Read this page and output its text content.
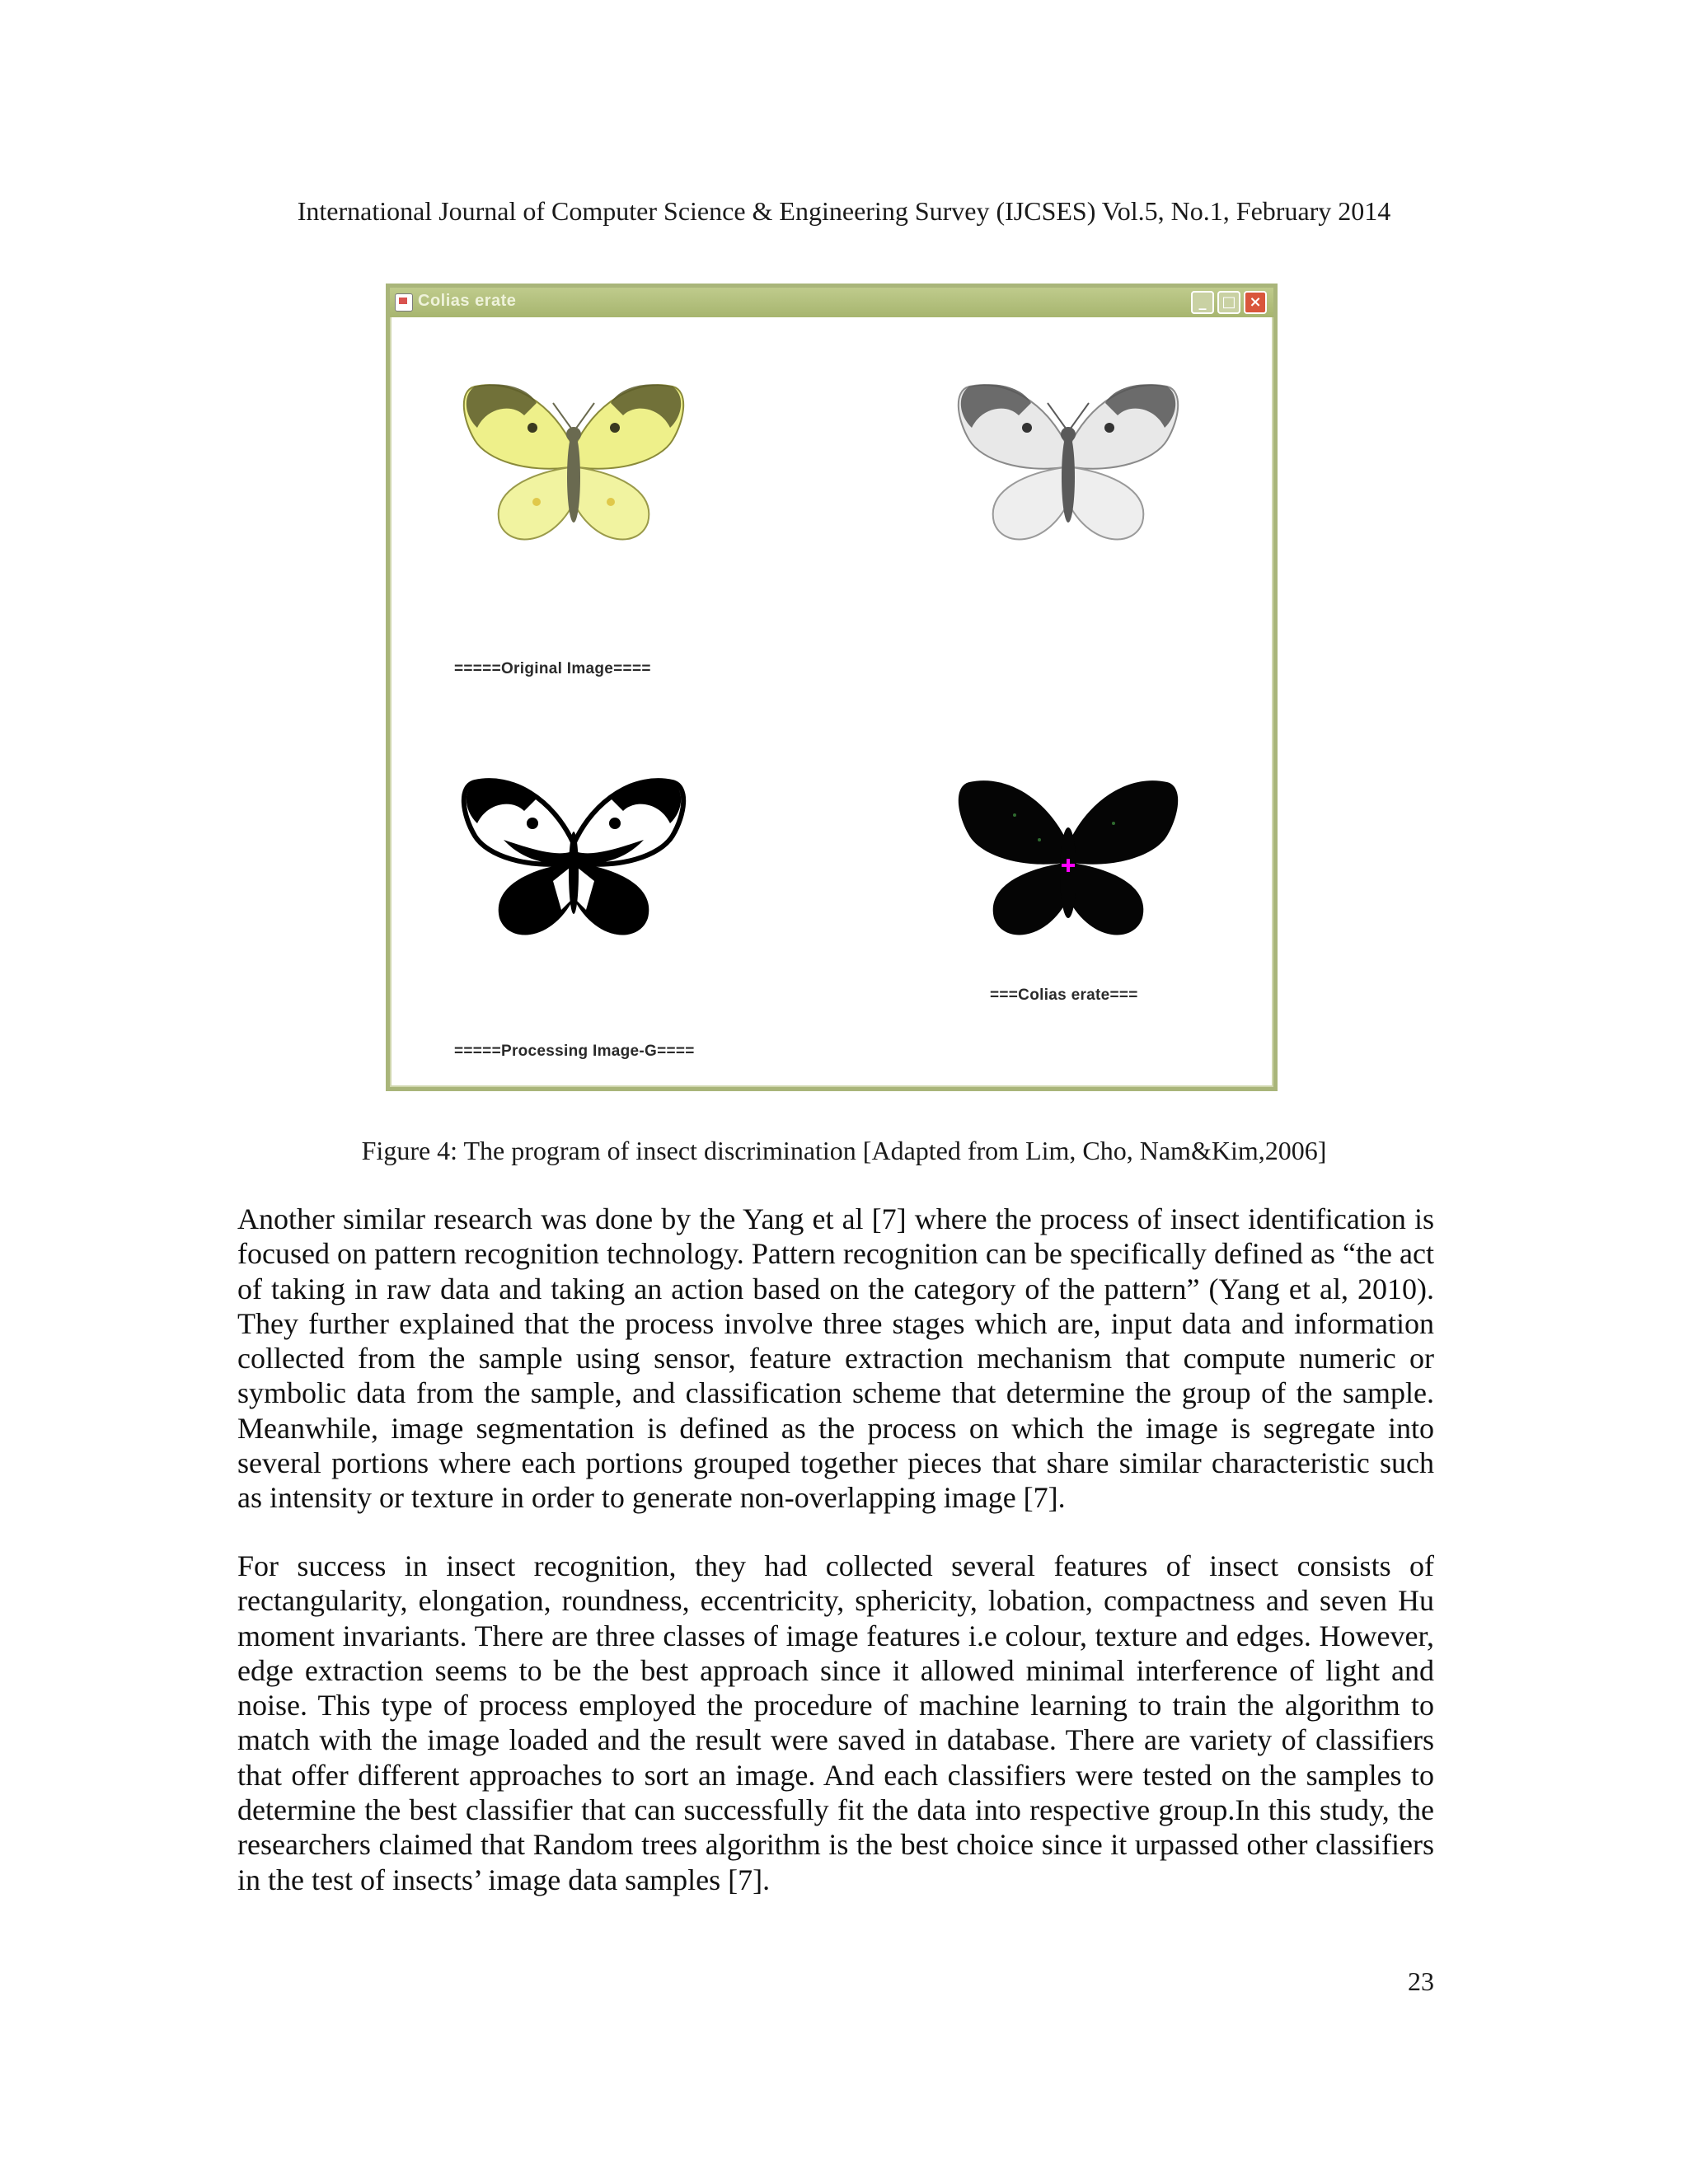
International Journal of Computer Science & Engineering Survey (IJCSES) Vol.5, No.1, February 2014
Colias erate	_	□ ×
=====Original Image====
===Colias erate===
=====Processing Image-G====
Figure 4: The program of insect discrimination [Adapted from Lim, Cho, Nam&Kim,2006]

Another similar research was done by the Yang et al [7] where the process of insect identification is focused on pattern recognition technology. Pattern recognition can be specifically defined as “the act of taking in raw data and taking an action based on the category of the pattern” (Yang et al, 2010). They further explained that the process involve three stages which are, input data and information collected from the sample using sensor, feature extraction mechanism that compute numeric or symbolic data from the sample, and classification scheme that determine the group of the sample. Meanwhile, image segmentation is defined as the process on which the image is segregate into several portions where each portions grouped together pieces that share similar characteristic such as intensity or texture in order to generate non-overlapping image [7].

For success in insect recognition, they had collected several features of insect consists of rectangularity, elongation, roundness, eccentricity, sphericity, lobation, compactness and seven Hu moment invariants. There are three classes of image features i.e colour, texture and edges. However, edge extraction seems to be the best approach since it allowed minimal interference of light and noise. This type of process employed the procedure of machine learning to train the algorithm to match with the image loaded and the result were saved in database. There are variety of classifiers that offer different approaches to sort an image. And each classifiers were tested on the samples to determine the best classifier that can successfully fit the data into respective group.In this study, the researchers claimed that Random trees algorithm is the best choice since it urpassed other classifiers in the test of insects’ image data samples [7].

23
